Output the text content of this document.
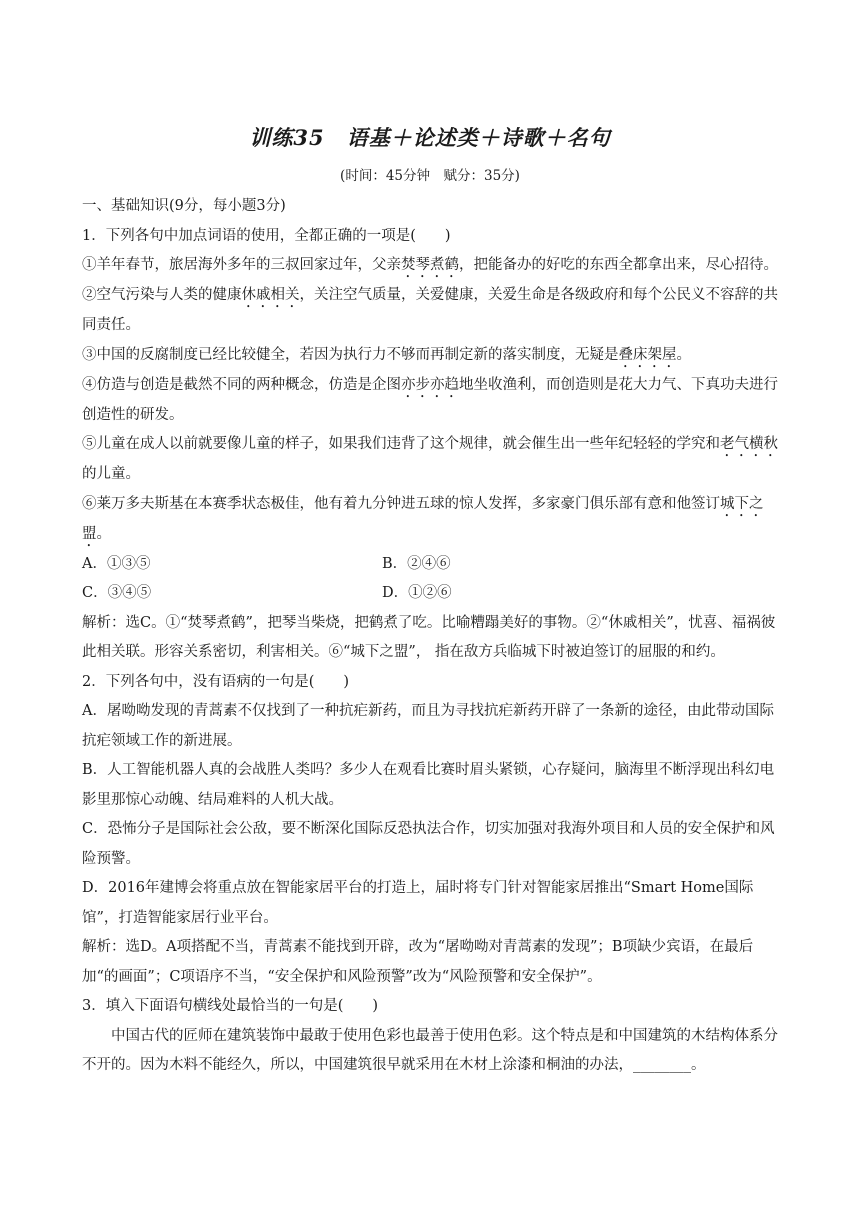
训练35　语基＋论述类＋诗歌＋名句
(时间：45分钟　赋分：35分)

一、基础知识(9分，每小题3分)

1．下列各句中加点词语的使用，全都正确的一项是(　　)

①羊年春节，旅居海外多年的三叔回家过年，父亲焚琴煮鹤，把能备办的好吃的东西全都拿出来，尽心招待。

②空气污染与人类的健康休戚相关，关注空气质量，关爱健康，关爱生命是各级政府和每个公民义不容辞的共同责任。

③中国的反腐制度已经比较健全，若因为执行力不够而再制定新的落实制度，无疑是叠床架屋。

④仿造与创造是截然不同的两种概念，仿造是企图亦步亦趋地坐收渔利，而创造则是花大力气、下真功夫进行创造性的研发。

⑤儿童在成人以前就要像儿童的样子，如果我们违背了这个规律，就会催生出一些年纪轻轻的学究和老气横秋的儿童。

⑥莱万多夫斯基在本赛季状态极佳，他有着九分钟进五球的惊人发挥，多家豪门俱乐部有意和他签订城下之盟。

A．①③⑤	B．②④⑥
C．③④⑤	D．①②⑥

解析：选C。①“焚琴煮鹤”，把琴当柴烧，把鹤煮了吃。比喻糟蹋美好的事物。②“休戚相关”，忧喜、福祸彼此相关联。形容关系密切，利害相关。⑥“城下之盟”， 指在敌方兵临城下时被迫签订的屈服的和约。

2．下列各句中，没有语病的一句是(　　)

A．屠呦呦发现的青蒿素不仅找到了一种抗疟新药，而且为寻找抗疟新药开辟了一条新的途径，由此带动国际抗疟领域工作的新进展。

B．人工智能机器人真的会战胜人类吗？多少人在观看比赛时眉头紧锁，心存疑问，脑海里不断浮现出科幻电影里那惊心动魄、结局难料的人机大战。

C．恐怖分子是国际社会公敌，要不断深化国际反恐执法合作，切实加强对我海外项目和人员的安全保护和风险预警。

D．2016年建博会将重点放在智能家居平台的打造上，届时将专门针对智能家居推出“Smart Home国际馆”，打造智能家居行业平台。

解析：选D。A项搭配不当，青蒿素不能找到开辟，改为“屠呦呦对青蒿素的发现”；B项缺少宾语，在最后加“的画面”；C项语序不当，“安全保护和风险预警”改为“风险预警和安全保护”。

3．填入下面语句横线处最恰当的一句是(　　)

中国古代的匠师在建筑装饰中最敢于使用色彩也最善于使用色彩。这个特点是和中国建筑的木结构体系分不开的。因为木料不能经久，所以，中国建筑很早就采用在木材上涂漆和桐油的办法，________。
